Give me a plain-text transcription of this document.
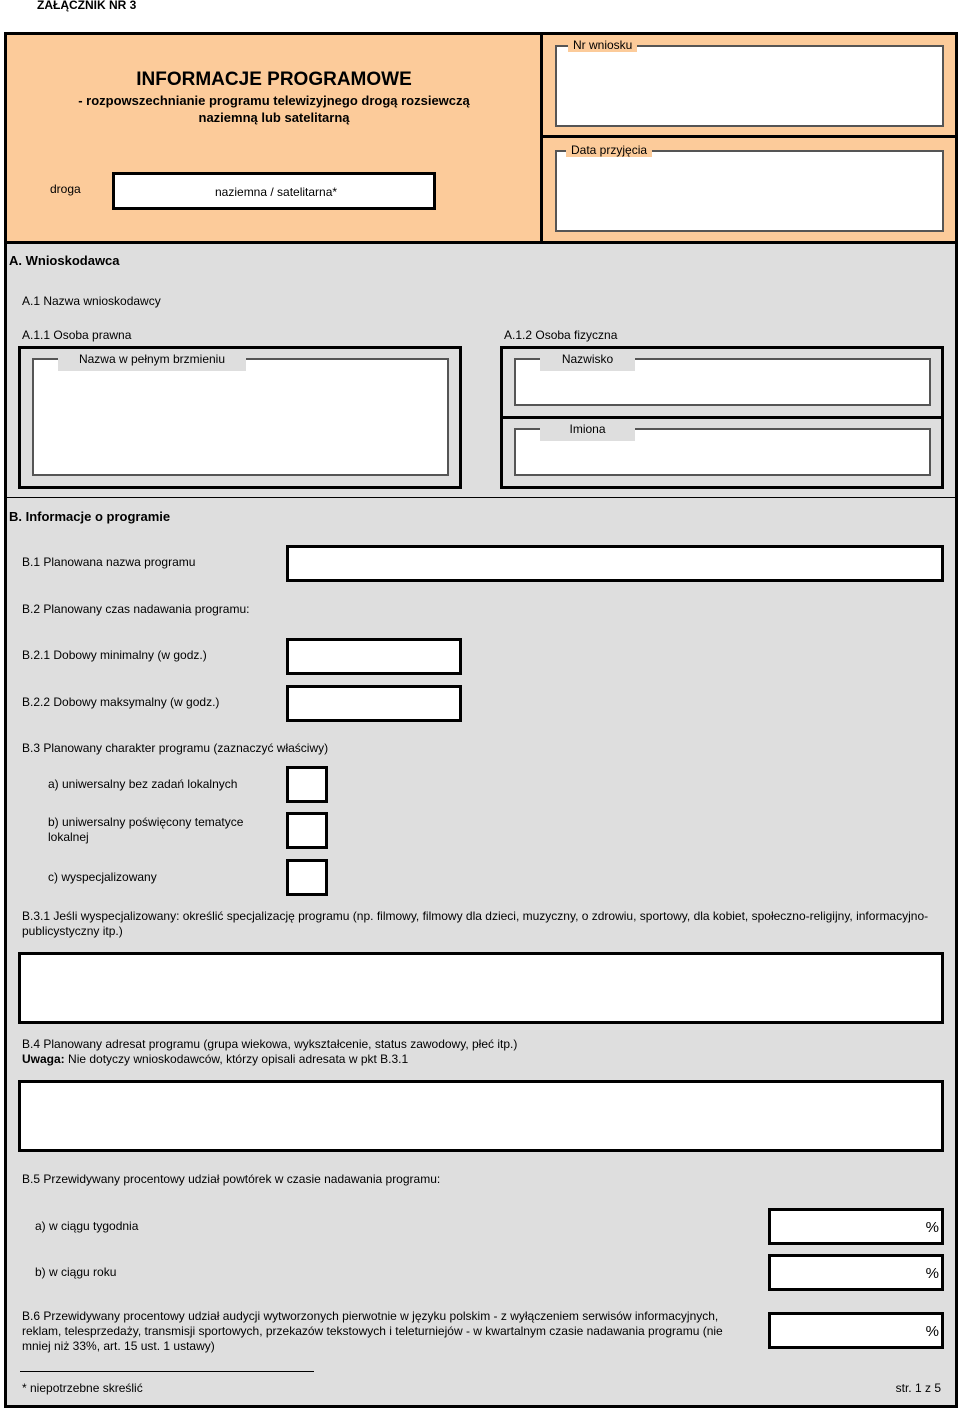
ZAŁĄCZNIK NR 3
INFORMACJE PROGRAMOWE
- rozpowszechnianie programu telewizyjnego drogą rozsiewczą
naziemną lub satelitarną
droga	naziemna / satelitarna*
Nr wniosku
Data przyjęcia
A. Wnioskodawca
A.1 Nazwa wnioskodawcy
A.1.1 Osoba prawna	A.1.2 Osoba fizyczna
Nazwa w pełnym brzmieniu	Nazwisko
Imiona
B. Informacje o programie
B.1 Planowana nazwa programu
B.2 Planowany czas nadawania programu:
B.2.1 Dobowy minimalny (w godz.)
B.2.2 Dobowy maksymalny (w godz.)
B.3 Planowany charakter programu (zaznaczyć właściwy)
a) uniwersalny bez zadań lokalnych
b) uniwersalny poświęcony tematyce
lokalnej
c) wyspecjalizowany
B.3.1 Jeśli wyspecjalizowany: określić specjalizację programu (np. filmowy, filmowy dla dzieci, muzyczny, o zdrowiu, sportowy, dla kobiet, społeczno-religijny, informacyjno-
publicystyczny itp.)
B.4 Planowany adresat programu (grupa wiekowa, wykształcenie, status zawodowy, płeć itp.)
Uwaga: Nie dotyczy wnioskodawców, którzy opisali adresata w pkt B.3.1
B.5 Przewidywany procentowy udział powtórek w czasie nadawania programu:
a) w ciągu tygodnia	%
b) w ciągu roku	%
B.6 Przewidywany procentowy udział audycji wytworzonych pierwotnie w języku polskim - z wyłączeniem serwisów informacyjnych,
reklam, telesprzedaży, transmisji sportowych, przekazów tekstowych i teleturniejów - w kwartalnym czasie nadawania programu (nie
mniej niż 33%, art. 15 ust. 1 ustawy)
%
* niepotrzebne skreślić	str. 1 z 5
